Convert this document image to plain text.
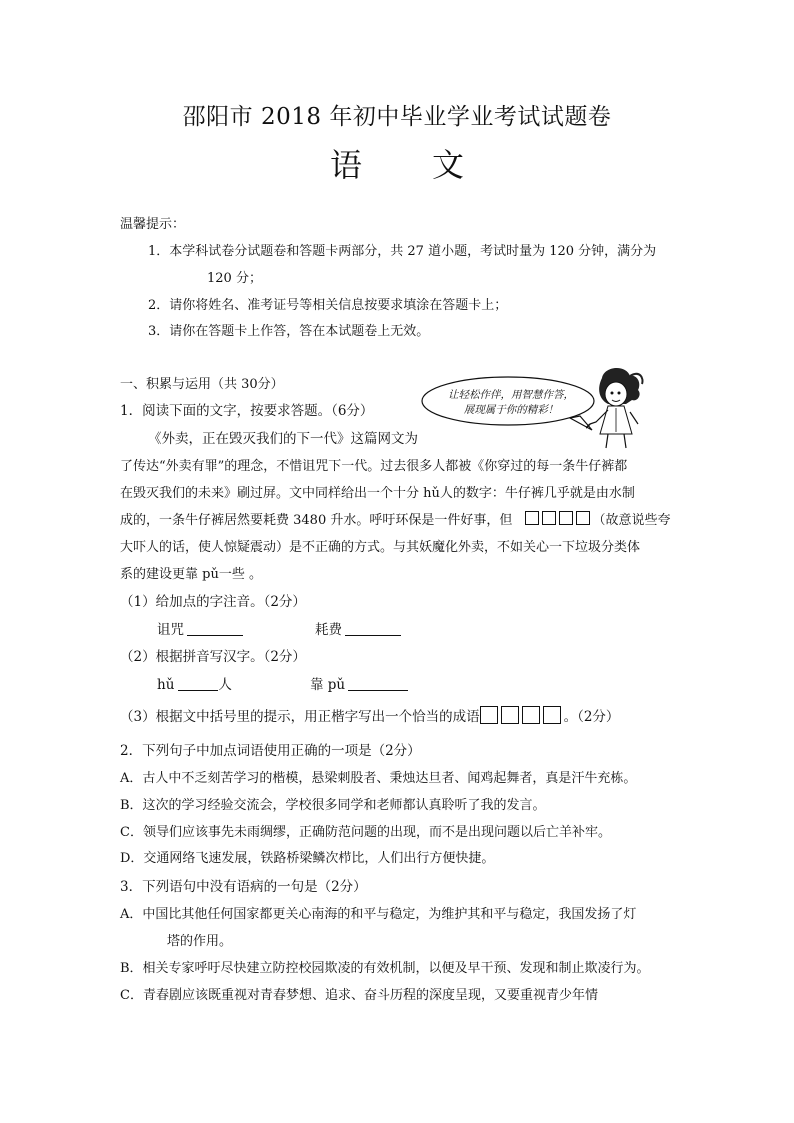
邵阳市 2018 年初中毕业学业考试试题卷
语文
温馨提示：
1．本学科试卷分试题卷和答题卡两部分，共 27 道小题，考试时量为 120 分钟，满分为
120 分；
2．请你将姓名、准考证号等相关信息按要求填涂在答题卡上；
3．请你在答题卡上作答，答在本试题卷上无效。
一、积累与运用（共 30分）
让轻松作伴，用智慧作答，
展现属于你的精彩！
1．阅读下面的文字，按要求答题。（6分）
《外卖，正在毁灭我们的下一代》这篇网文为
了传达“外卖有罪”的理念，不惜诅咒下一代。过去很多人都被《你穿过的每一条牛仔裤都
在毁灭我们的未来》刷过屏。文中同样给出一个十分 hǔ人的数字：牛仔裤几乎就是由水制
成的，一条牛仔裤居然要耗费 3480 升水。呼吁环保是一件好事，但	（故意说些夸
大吓人的话，使人惊疑震动）是不正确的方式。与其妖魔化外卖，不如关心一下垃圾分类体
系的建设更靠 pǔ一些 。
（1）给加点的字注音。（2分）
诅咒	耗费
（2）根据拼音写汉字。（2分）
hǔ	人	靠 pǔ
（3）根据文中括号里的提示，用正楷字写出一个恰当的成语	。（2分）
2．下列句子中加点词语使用正确的一项是（2分）
A．古人中不乏刻苦学习的楷模，悬梁刺股者、秉烛达旦者、闻鸡起舞者，真是汗牛充栋。
B．这次的学习经验交流会，学校很多同学和老师都认真聆听了我的发言。
C．领导们应该事先未雨绸缪，正确防范问题的出现，而不是出现问题以后亡羊补牢。
D．交通网络飞速发展，铁路桥梁鳞次栉比，人们出行方便快捷。
3．下列语句中没有语病的一句是（2分）
A．中国比其他任何国家都更关心南海的和平与稳定，为维护其和平与稳定，我国发扬了灯
塔的作用。
B．相关专家呼吁尽快建立防控校园欺凌的有效机制，以便及早干预、发现和制止欺凌行为。
C．青春剧应该既重视对青春梦想、追求、奋斗历程的深度呈现，又要重视青少年情
